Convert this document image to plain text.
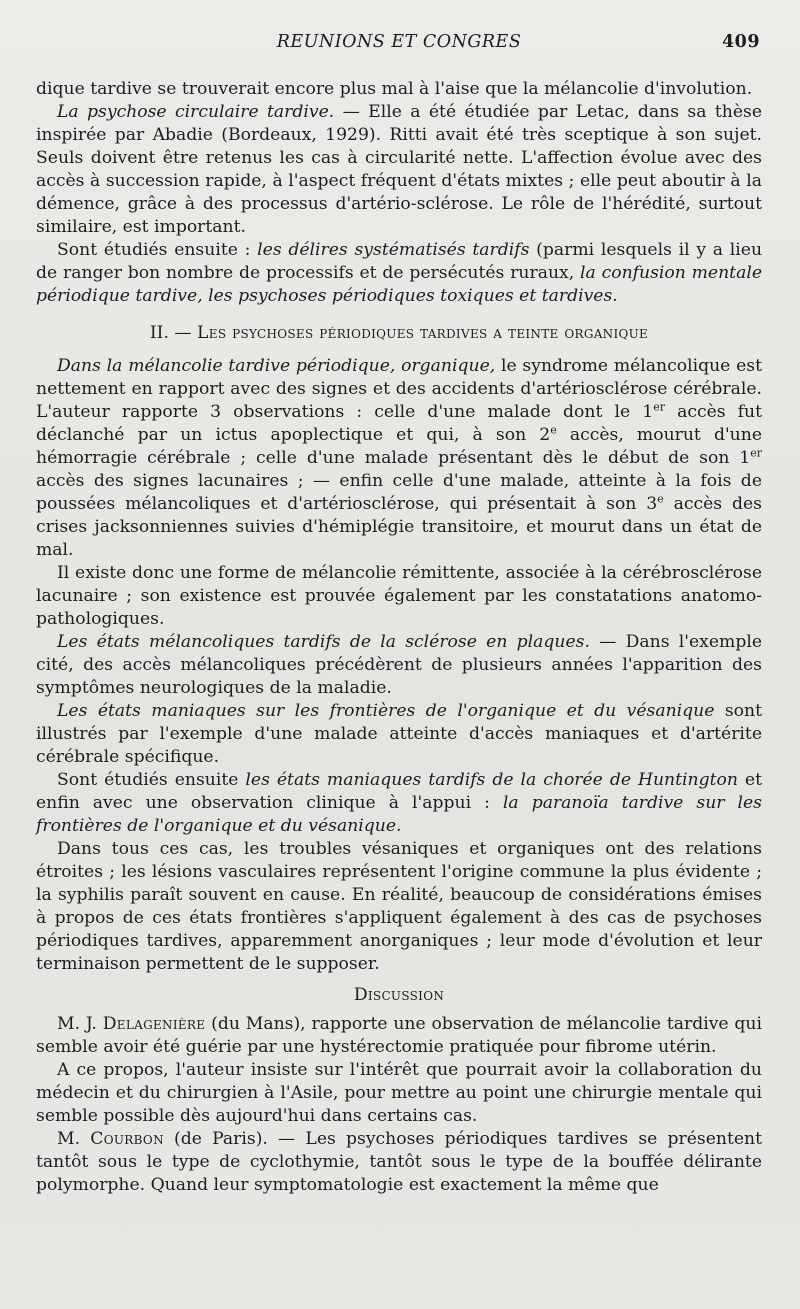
REUNIONS ET CONGRES	409

dique tardive se trouverait encore plus mal à l'aise que la mélancolie d'involution.

La psychose circulaire tardive. — Elle a été étudiée par Letac, dans sa thèse inspirée par Abadie (Bordeaux, 1929). Ritti avait été très sceptique à son sujet. Seuls doivent être retenus les cas à circularité nette. L'affection évolue avec des accès à succession rapide, à l'aspect fréquent d'états mixtes ; elle peut aboutir à la démence, grâce à des processus d'artério-sclérose. Le rôle de l'hérédité, surtout similaire, est important.

Sont étudiés ensuite : les délires systématisés tardifs (parmi lesquels il y a lieu de ranger bon nombre de processifs et de persécutés ruraux, la confusion mentale périodique tardive, les psychoses périodiques toxiques et tardives.

II. — Les psychoses périodiques tardives a teinte organique

Dans la mélancolie tardive périodique, organique, le syndrome mélancolique est nettement en rapport avec des signes et des accidents d'artériosclérose cérébrale. L'auteur rapporte 3 observations : celle d'une malade dont le 1er accès fut déclanché par un ictus apoplectique et qui, à son 2e accès, mourut d'une hémorragie cérébrale ; celle d'une malade présentant dès le début de son 1er accès des signes lacunaires ; — enfin celle d'une malade, atteinte à la fois de poussées mélancoliques et d'artériosclérose, qui présentait à son 3e accès des crises jacksonniennes suivies d'hémiplégie transitoire, et mourut dans un état de mal.

Il existe donc une forme de mélancolie rémittente, associée à la cérébrosclérose lacunaire ; son existence est prouvée également par les constatations anatomo-pathologiques.

Les états mélancoliques tardifs de la sclérose en plaques. — Dans l'exemple cité, des accès mélancoliques précédèrent de plusieurs années l'apparition des symptômes neurologiques de la maladie.

Les états maniaques sur les frontières de l'organique et du vésanique sont illustrés par l'exemple d'une malade atteinte d'accès maniaques et d'artérite cérébrale spécifique.

Sont étudiés ensuite les états maniaques tardifs de la chorée de Huntington et enfin avec une observation clinique à l'appui : la paranoïa tardive sur les frontières de l'organique et du vésanique.

Dans tous ces cas, les troubles vésaniques et organiques ont des relations étroites ; les lésions vasculaires représentent l'origine commune la plus évidente ; la syphilis paraît souvent en cause. En réalité, beaucoup de considérations émises à propos de ces états frontières s'appliquent également à des cas de psychoses périodiques tardives, apparemment anorganiques ; leur mode d'évolution et leur terminaison permettent de le supposer.

Discussion

M. J. Delagenière (du Mans), rapporte une observation de mélancolie tardive qui semble avoir été guérie par une hystérectomie pratiquée pour fibrome utérin.

A ce propos, l'auteur insiste sur l'intérêt que pourrait avoir la collaboration du médecin et du chirurgien à l'Asile, pour mettre au point une chirurgie mentale qui semble possible dès aujourd'hui dans certains cas.

M. Courbon (de Paris). — Les psychoses périodiques tardives se présentent tantôt sous le type de cyclothymie, tantôt sous le type de la bouffée délirante polymorphe. Quand leur symptomatologie est exactement la même que
